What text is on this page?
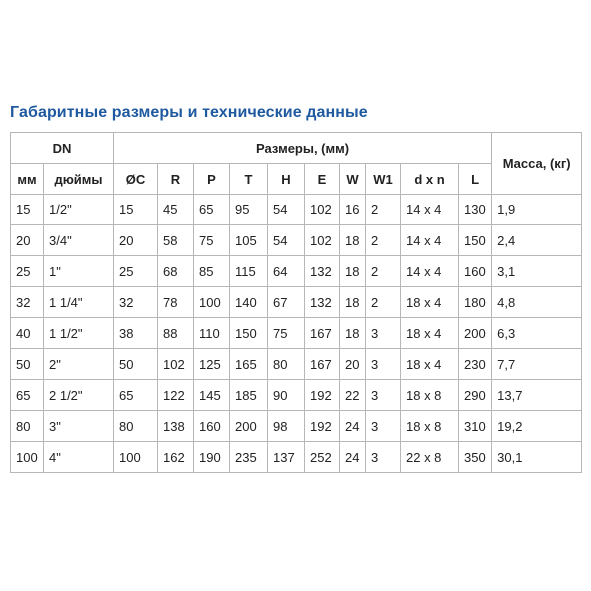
Габаритные размеры и технические данные
DN		Размеры, (мм)										Масса, (кг)
мм	дюймы	ØC	R	P	T	H	E	W	W1	d x n	L	
15	1/2"	15	45	65	95	54	102	16	2	14 x 4	130	1,9
20	3/4"	20	58	75	105	54	102	18	2	14 x 4	150	2,4
25	1"	25	68	85	115	64	132	18	2	14 x 4	160	3,1
32	1 1/4"	32	78	100	140	67	132	18	2	18 x 4	180	4,8
40	1 1/2"	38	88	110	150	75	167	18	3	18 x 4	200	6,3
50	2"	50	102	125	165	80	167	20	3	18 x 4	230	7,7
65	2 1/2"	65	122	145	185	90	192	22	3	18 x 8	290	13,7
80	3"	80	138	160	200	98	192	24	3	18 x 8	310	19,2
100	4"	100	162	190	235	137	252	24	3	22 x 8	350	30,1
